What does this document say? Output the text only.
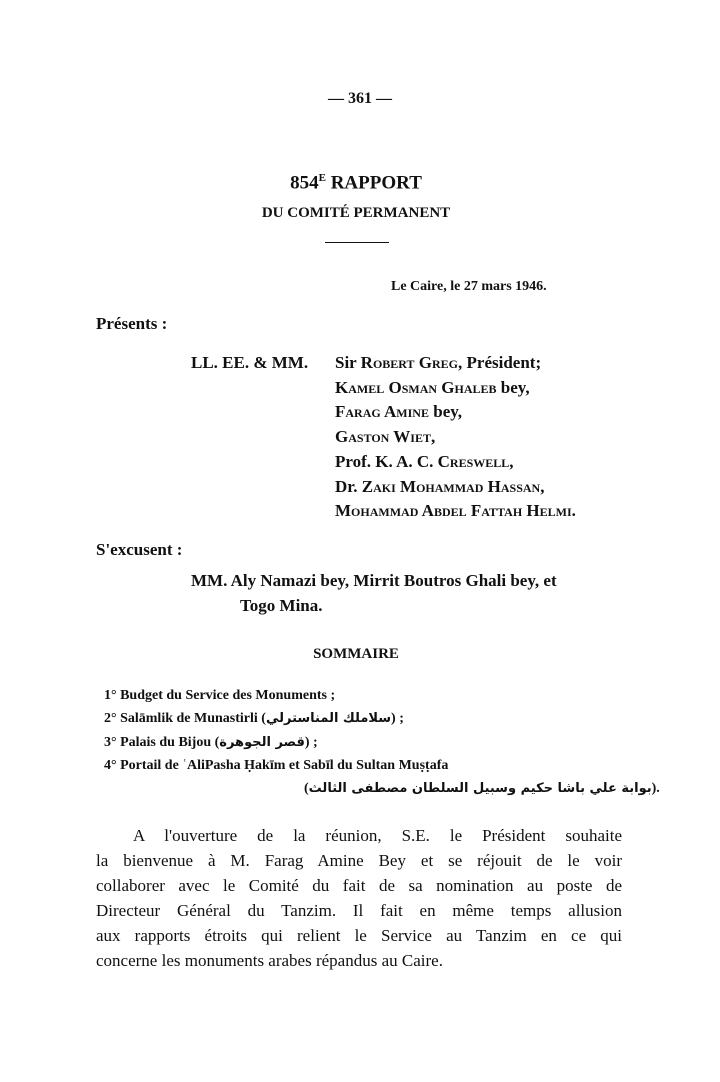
— 361 —
$854^E$ RAPPORT
DU COMITÉ PERMANENT
Le Caire, le 27 mars 1946.
Présents :
LL. EE. & MM. Sir Robert Greg, Président;
Kamel Osman Ghaleb bey,
Farag Amine bey,
Gaston Wiet,
Prof. K. A. C. Creswell,
Dr. Zaki Mohammad Hassan,
Mohammad Abdel Fattah Helmi.
S'excusent :
MM. Aly Namazi bey, Mirrit Boutros Ghali bey, et
Togo Mina.
SOMMAIRE
1° Budget du Service des Monuments ;
2° Salāmlik de Munastirli (سلاملك المناسترلي) ;
3° Palais du Bijou (قصر الجوهرة) ;
4° Portail de ʿAliPasha Ḥakīm et Sabīl du Sultan Muṣṭafa
(بوابة علي باشا حكيم وسبيل السلطان مصطفى الثالث).
A l'ouverture de la réunion, S.E. le Président souhaite
la bienvenue à M. Farag Amine Bey et se réjouit de le voir
collaborer avec le Comité du fait de sa nomination au poste de
Directeur Général du Tanzim. Il fait en même temps allusion
aux rapports étroits qui relient le Service au Tanzim en ce qui
concerne les monuments arabes répandus au Caire.
